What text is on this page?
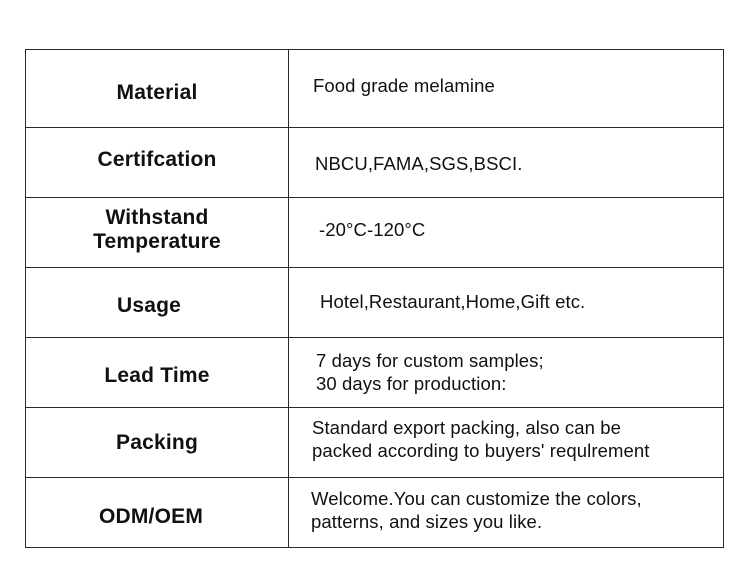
Material	Food grade melamine

Certifcation	NBCU,FAMA,SGS,BSCI.

Withstand
Temperature	-20°C-120°C

Usage	Hotel,Restaurant,Home,Gift etc.

Lead Time	7 days for custom samples;
30 days for production:

Packing	Standard export packing, also can be
packed according to buyers' requlrement

ODM/OEM	Welcome.You can customize the colors,
patterns, and sizes you like.
